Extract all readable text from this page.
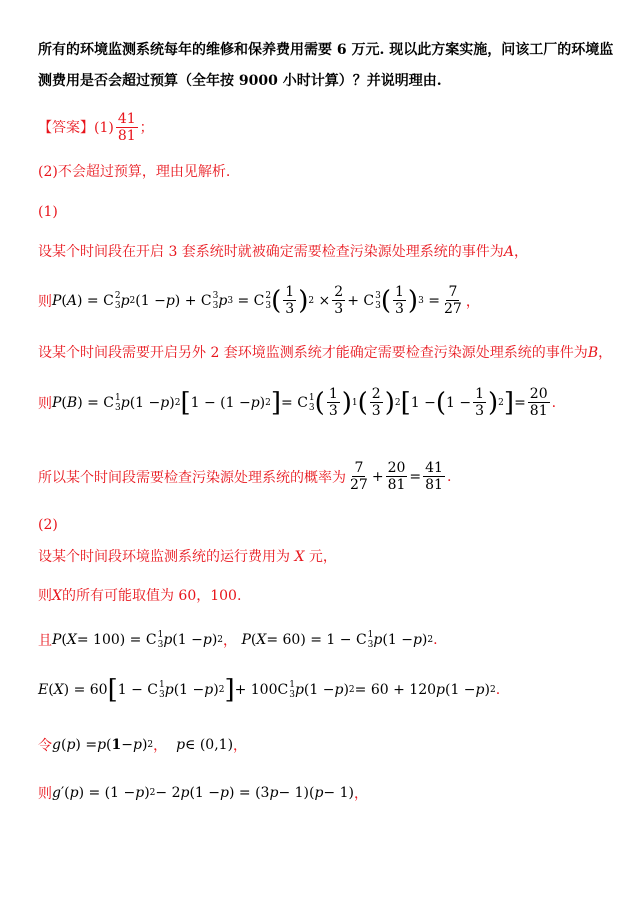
所有的环境监测系统每年的维修和保养费用需要 6 万元. 现以此方案实施，问该工厂的环境监
测费用是否会超过预算（全年按 9000 小时计算）？并说明理由.
【答案】 $(1) \frac{41}{81}$ ；
(2)不会超过预算，理由见解析.
(1)
设某个时间段在开启 3 套系统时就被确定需要检查污染源处理系统的事件为A，
则 P ( A ) = C 2
3 p 2 (1 − p ) + C 3
3 p 3 = C 2
3 ( $\frac{1}{3}$ ) $2 \times \frac{2}{3} + C$ 3
3 ( $\frac{1}{3}$ ) $3 = \frac{7}{27}$ ，
设某个时间段需要开启另外 2 套环境监测系统才能确定需要检查污染源处理系统的事件为B，
则 P ( B ) = C 1
3 p (1 − p ) 2 [ 1 − (1 − p ) 2 ] = C 1
3 ( $\frac{1}{3}$ ) 1 ( $\frac{2}{3}$ ) 2 [ 1 − ( $1 - \frac{1}{3}$ ) 2 ] = $\frac{20}{81}$ .
所以某个时间段需要检查污染源处理系统的概率为 $\frac{7}{27} + \frac{20}{81} = \frac{41}{81}$ .
(2)
设某个时间段环境监测系统的运行费用为 X 元，
则X的所有可能取值为 60，100.
且 P ( X = 100) = C 1
3 p (1 − p ) 2 ，
P ( X = 60) = 1 − C 1
3 p (1 − p ) 2 .
E ( X ) = 60 [ 1 − C 1
3 p (1 − p ) 2 ] + 100C 1
3 p (1 − p ) 2 = 60 + 120 p (1 − p ) 2 .
令 g ( p ) = p ( 1 − p ) 2 ，
p ∈ (0,1) ，
则 g ′( p ) = (1 − p ) 2 − 2 p (1 − p ) = (3 p − 1)( p − 1) ，
